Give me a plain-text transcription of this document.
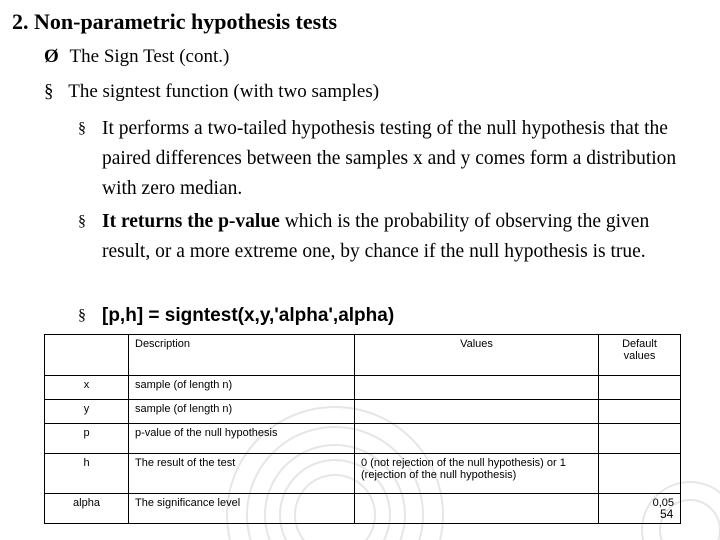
2. Non-parametric hypothesis tests
Ø The Sign Test (cont.)
§ The signtest function (with two samples)
§ It performs a two-tailed hypothesis testing of the null hypothesis that the paired differences between the samples x and y comes form a distribution with zero median.
§ It returns the p-value which is the probability of observing the given result, or a more extreme one, by chance if the null hypothesis is true.
§ [p,h] = signtest(x,y,'alpha',alpha)
	Description	Values	Default values
x	sample (of length n)		
y	sample (of length n)		
p	p-value of the null hypothesis		
h	The result of the test	0 (not rejection of the null hypothesis) or 1 (rejection of the null hypothesis)	
alpha	The significance level		0,05
54
